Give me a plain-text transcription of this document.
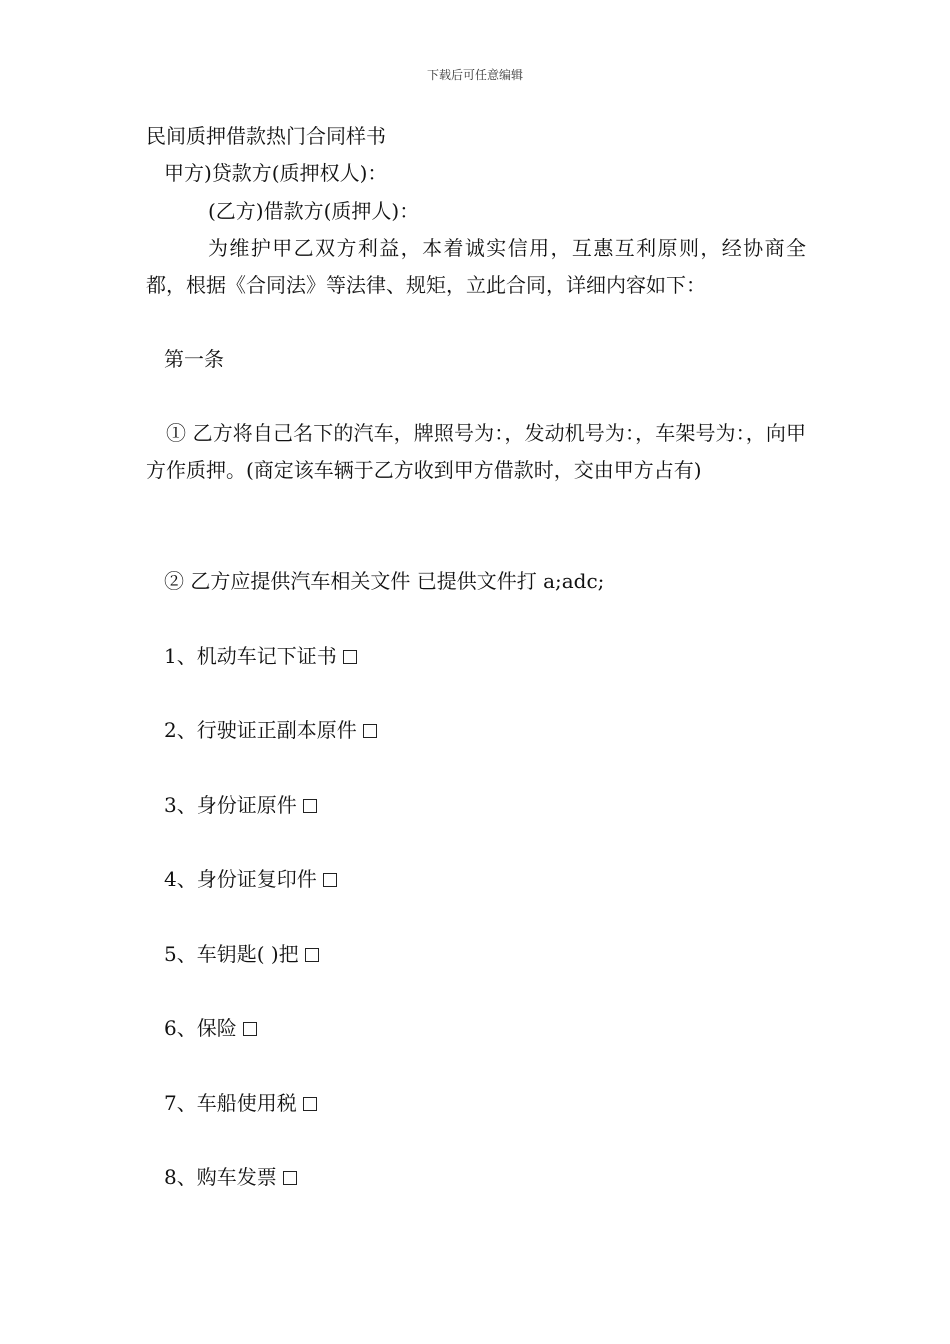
下载后可任意编辑
民间质押借款热门合同样书
甲方)贷款方(质押权人)：
(乙方)借款方(质押人)：
为维护甲乙双方利益，本着诚实信用，互惠互利原则，经协商全都，根据《合同法》等法律、规矩，立此合同，详细内容如下：
第一条
① 乙方将自己名下的汽车，牌照号为：，发动机号为：，车架号为：，向甲方作质押。(商定该车辆于乙方收到甲方借款时，交由甲方占有)
② 乙方应提供汽车相关文件 已提供文件打 a;adc;
1、机动车记下证书
2、行驶证正副本原件
3、身份证原件
4、身份证复印件
5、车钥匙( )把
6、保险
7、车船使用税
8、购车发票
